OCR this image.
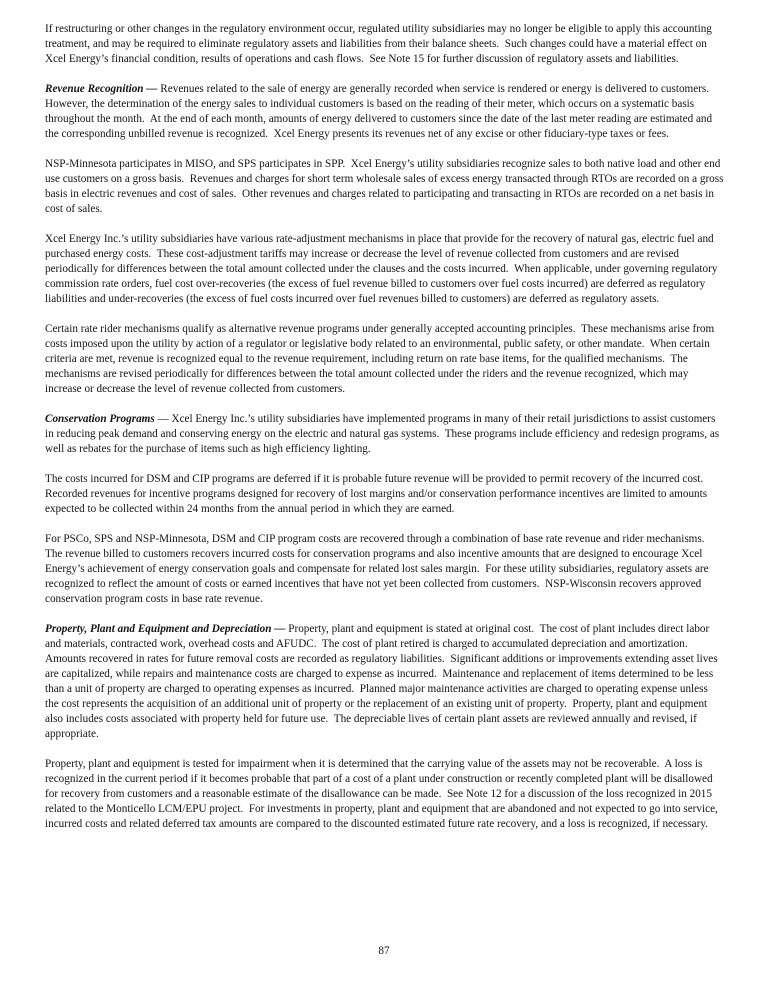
If restructuring or other changes in the regulatory environment occur, regulated utility subsidiaries may no longer be eligible to apply this accounting treatment, and may be required to eliminate regulatory assets and liabilities from their balance sheets.  Such changes could have a material effect on Xcel Energy’s financial condition, results of operations and cash flows.  See Note 15 for further discussion of regulatory assets and liabilities.

Revenue Recognition — Revenues related to the sale of energy are generally recorded when service is rendered or energy is delivered to customers.  However, the determination of the energy sales to individual customers is based on the reading of their meter, which occurs on a systematic basis throughout the month.  At the end of each month, amounts of energy delivered to customers since the date of the last meter reading are estimated and the corresponding unbilled revenue is recognized.  Xcel Energy presents its revenues net of any excise or other fiduciary-type taxes or fees.

NSP-Minnesota participates in MISO, and SPS participates in SPP.  Xcel Energy’s utility subsidiaries recognize sales to both native load and other end use customers on a gross basis.  Revenues and charges for short term wholesale sales of excess energy transacted through RTOs are recorded on a gross basis in electric revenues and cost of sales.  Other revenues and charges related to participating and transacting in RTOs are recorded on a net basis in cost of sales.

Xcel Energy Inc.’s utility subsidiaries have various rate-adjustment mechanisms in place that provide for the recovery of natural gas, electric fuel and purchased energy costs.  These cost-adjustment tariffs may increase or decrease the level of revenue collected from customers and are revised periodically for differences between the total amount collected under the clauses and the costs incurred.  When applicable, under governing regulatory commission rate orders, fuel cost over-recoveries (the excess of fuel revenue billed to customers over fuel costs incurred) are deferred as regulatory liabilities and under-recoveries (the excess of fuel costs incurred over fuel revenues billed to customers) are deferred as regulatory assets.

Certain rate rider mechanisms qualify as alternative revenue programs under generally accepted accounting principles.  These mechanisms arise from costs imposed upon the utility by action of a regulator or legislative body related to an environmental, public safety, or other mandate.  When certain criteria are met, revenue is recognized equal to the revenue requirement, including return on rate base items, for the qualified mechanisms.  The mechanisms are revised periodically for differences between the total amount collected under the riders and the revenue recognized, which may increase or decrease the level of revenue collected from customers.

Conservation Programs — Xcel Energy Inc.’s utility subsidiaries have implemented programs in many of their retail jurisdictions to assist customers in reducing peak demand and conserving energy on the electric and natural gas systems.  These programs include efficiency and redesign programs, as well as rebates for the purchase of items such as high efficiency lighting.

The costs incurred for DSM and CIP programs are deferred if it is probable future revenue will be provided to permit recovery of the incurred cost.  Recorded revenues for incentive programs designed for recovery of lost margins and/or conservation performance incentives are limited to amounts expected to be collected within 24 months from the annual period in which they are earned.

For PSCo, SPS and NSP-Minnesota, DSM and CIP program costs are recovered through a combination of base rate revenue and rider mechanisms.  The revenue billed to customers recovers incurred costs for conservation programs and also incentive amounts that are designed to encourage Xcel Energy’s achievement of energy conservation goals and compensate for related lost sales margin.  For these utility subsidiaries, regulatory assets are recognized to reflect the amount of costs or earned incentives that have not yet been collected from customers.  NSP-Wisconsin recovers approved conservation program costs in base rate revenue.

Property, Plant and Equipment and Depreciation — Property, plant and equipment is stated at original cost.  The cost of plant includes direct labor and materials, contracted work, overhead costs and AFUDC.  The cost of plant retired is charged to accumulated depreciation and amortization.  Amounts recovered in rates for future removal costs are recorded as regulatory liabilities.  Significant additions or improvements extending asset lives are capitalized, while repairs and maintenance costs are charged to expense as incurred.  Maintenance and replacement of items determined to be less than a unit of property are charged to operating expenses as incurred.  Planned major maintenance activities are charged to operating expense unless the cost represents the acquisition of an additional unit of property or the replacement of an existing unit of property.  Property, plant and equipment also includes costs associated with property held for future use.  The depreciable lives of certain plant assets are reviewed annually and revised, if appropriate.

Property, plant and equipment is tested for impairment when it is determined that the carrying value of the assets may not be recoverable.  A loss is recognized in the current period if it becomes probable that part of a cost of a plant under construction or recently completed plant will be disallowed for recovery from customers and a reasonable estimate of the disallowance can be made.  See Note 12 for a discussion of the loss recognized in 2015 related to the Monticello LCM/EPU project.  For investments in property, plant and equipment that are abandoned and not expected to go into service, incurred costs and related deferred tax amounts are compared to the discounted estimated future rate recovery, and a loss is recognized, if necessary.

87
